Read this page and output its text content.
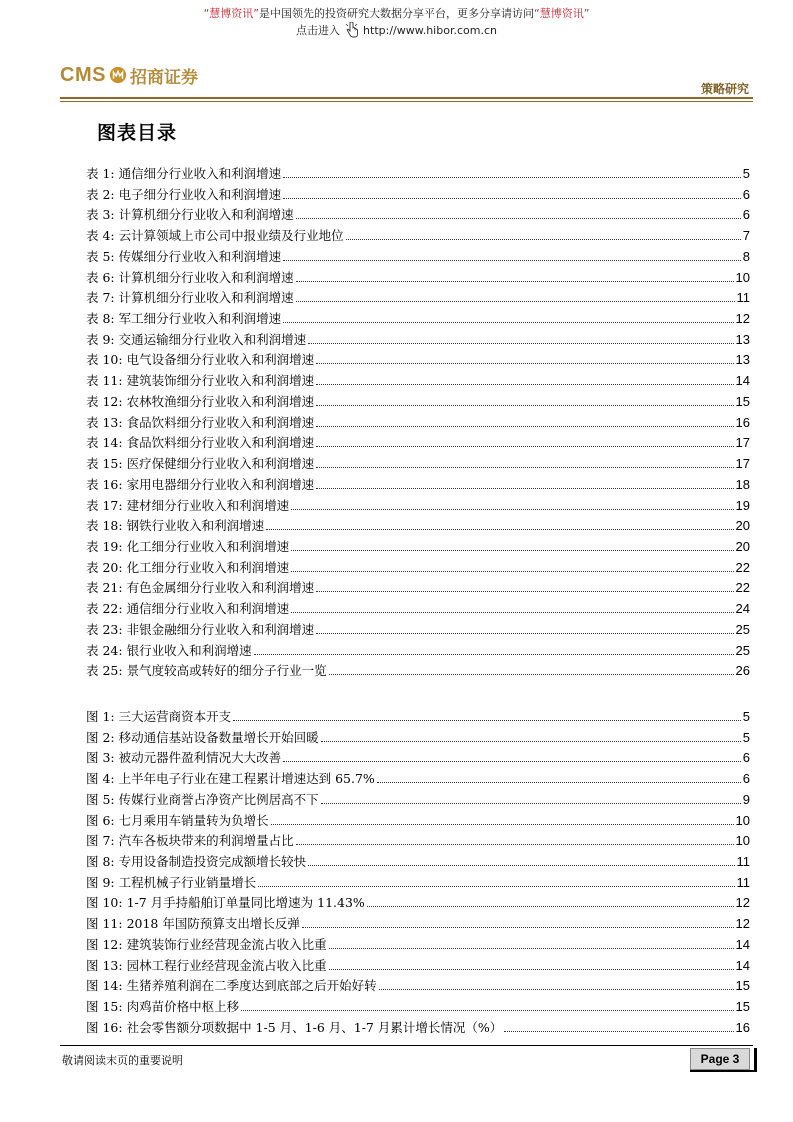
“慧博资讯”是中国领先的投资研究大数据分享平台，更多分享请访问“慧博资讯”
点击进入 http://www.hibor.com.cn
CMS 招商证券
策略研究
图表目录
表 1: 通信细分行业收入和利润增速	5
表 2: 电子细分行业收入和利润增速	6
表 3: 计算机细分行业收入和利润增速	6
表 4: 云计算领域上市公司中报业绩及行业地位	7
表 5: 传媒细分行业收入和利润增速	8
表 6: 计算机细分行业收入和利润增速	10
表 7: 计算机细分行业收入和利润增速	11
表 8: 军工细分行业收入和利润增速	12
表 9: 交通运输细分行业收入和利润增速	13
表 10: 电气设备细分行业收入和利润增速	13
表 11: 建筑装饰细分行业收入和利润增速	14
表 12: 农林牧渔细分行业收入和利润增速	15
表 13: 食品饮料细分行业收入和利润增速	16
表 14: 食品饮料细分行业收入和利润增速	17
表 15: 医疗保健细分行业收入和利润增速	17
表 16: 家用电器细分行业收入和利润增速	18
表 17: 建材细分行业收入和利润增速	19
表 18: 钢铁行业收入和利润增速	20
表 19: 化工细分行业收入和利润增速	20
表 20: 化工细分行业收入和利润增速	22
表 21: 有色金属细分行业收入和利润增速	22
表 22: 通信细分行业收入和利润增速	24
表 23: 非银金融细分行业收入和利润增速	25
表 24: 银行业收入和利润增速	25
表 25: 景气度较高或转好的细分子行业一览	26
图 1: 三大运营商资本开支	5
图 2: 移动通信基站设备数量增长开始回暖	5
图 3: 被动元器件盈利情况大大改善	6
图 4: 上半年电子行业在建工程累计增速达到 65.7%	6
图 5: 传媒行业商誉占净资产比例居高不下	9
图 6: 七月乘用车销量转为负增长	10
图 7: 汽车各板块带来的利润增量占比	10
图 8: 专用设备制造投资完成额增长较快	11
图 9: 工程机械子行业销量增长	11
图 10: 1-7 月手持船舶订单量同比增速为 11.43%	12
图 11: 2018 年国防预算支出增长反弹	12
图 12: 建筑装饰行业经营现金流占收入比重	14
图 13: 园林工程行业经营现金流占收入比重	14
图 14: 生猪养殖利润在二季度达到底部之后开始好转	15
图 15: 肉鸡苗价格中枢上移	15
图 16: 社会零售额分项数据中 1-5 月、1-6 月、1-7 月累计增长情况（%）	16
敬请阅读末页的重要说明	Page 3
